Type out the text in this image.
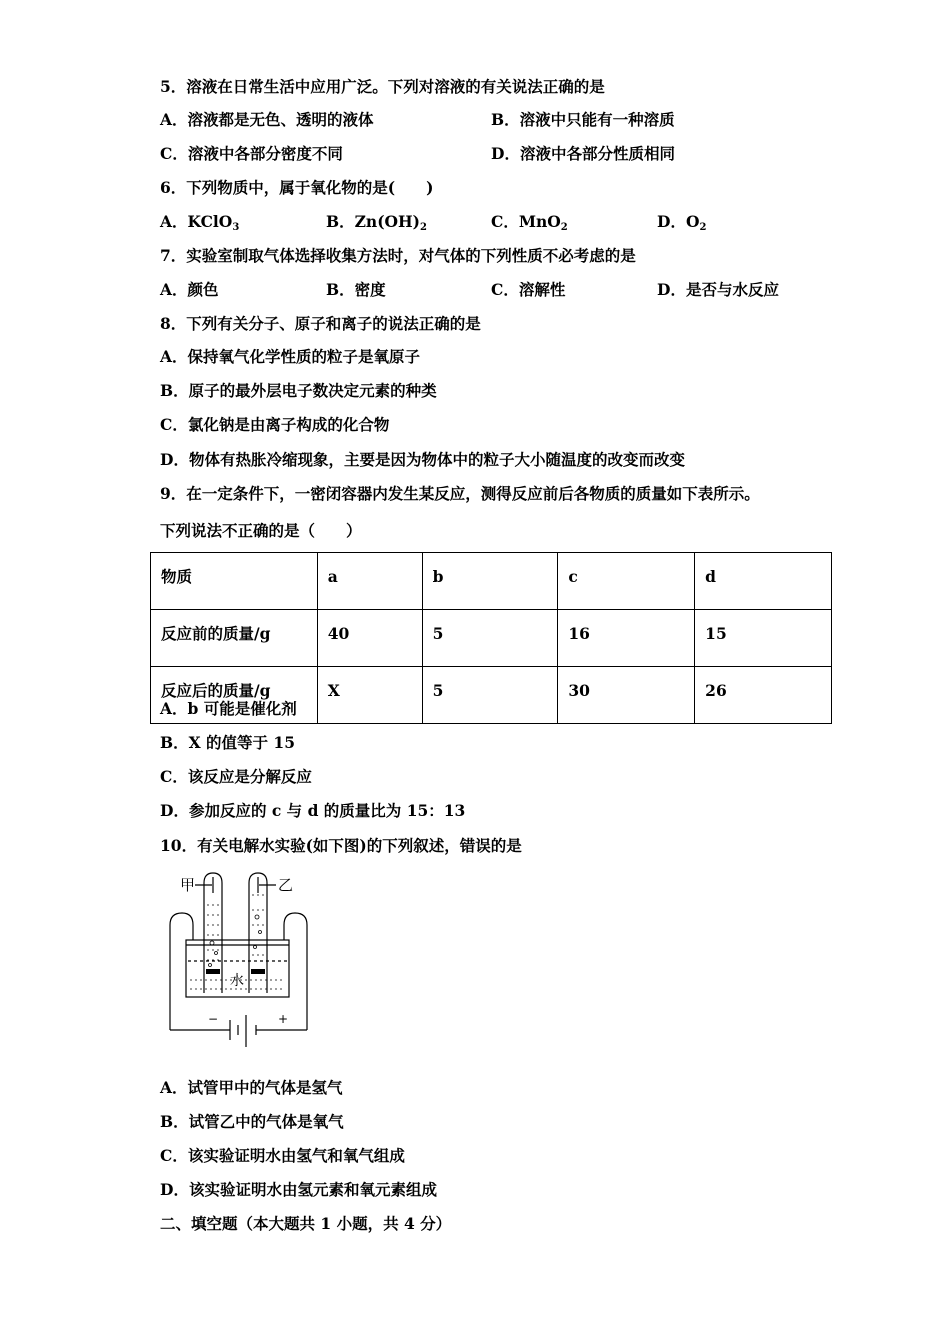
5．溶液在日常生活中应用广泛。下列对溶液的有关说法正确的是
A．溶液都是无色、透明的液体	B．溶液中只能有一种溶质
C．溶液中各部分密度不同	D．溶液中各部分性质相同
6．下列物质中，属于氧化物的是(　　)
A．KClO$_3$	B．$Zn(OH)_2$	C．MnO$_2$	D．$O_2$
7．实验室制取气体选择收集方法时，对气体的下列性质不必考虑的是
A．颜色	B．密度	C．溶解性	D．是否与水反应
8．下列有关分子、原子和离子的说法正确的是
A．保持氧气化学性质的粒子是氧原子
B．原子的最外层电子数决定元素的种类
C．氯化钠是由离子构成的化合物
D．物体有热胀冷缩现象，主要是因为物体中的粒子大小随温度的改变而改变
9．在一定条件下，一密闭容器内发生某反应，测得反应前后各物质的质量如下表所示。
下列说法不正确的是（　　）
物质	a	b	c	d
反应前的质量/g	40	5	16	15
反应后的质量/g	X	5	30	26
A．b 可能是催化剂
B．X 的值等于 15
C．该反应是分解反应
D．参加反应的 c 与 d 的质量比为 15：13
10．有关电解水实验(如下图)的下列叙述，错误的是
甲	乙
水
−	+
A．试管甲中的气体是氢气
B．试管乙中的气体是氧气
C．该实验证明水由氢气和氧气组成
D．该实验证明水由氢元素和氧元素组成
二、填空题（本大题共 1 小题，共 4 分）
